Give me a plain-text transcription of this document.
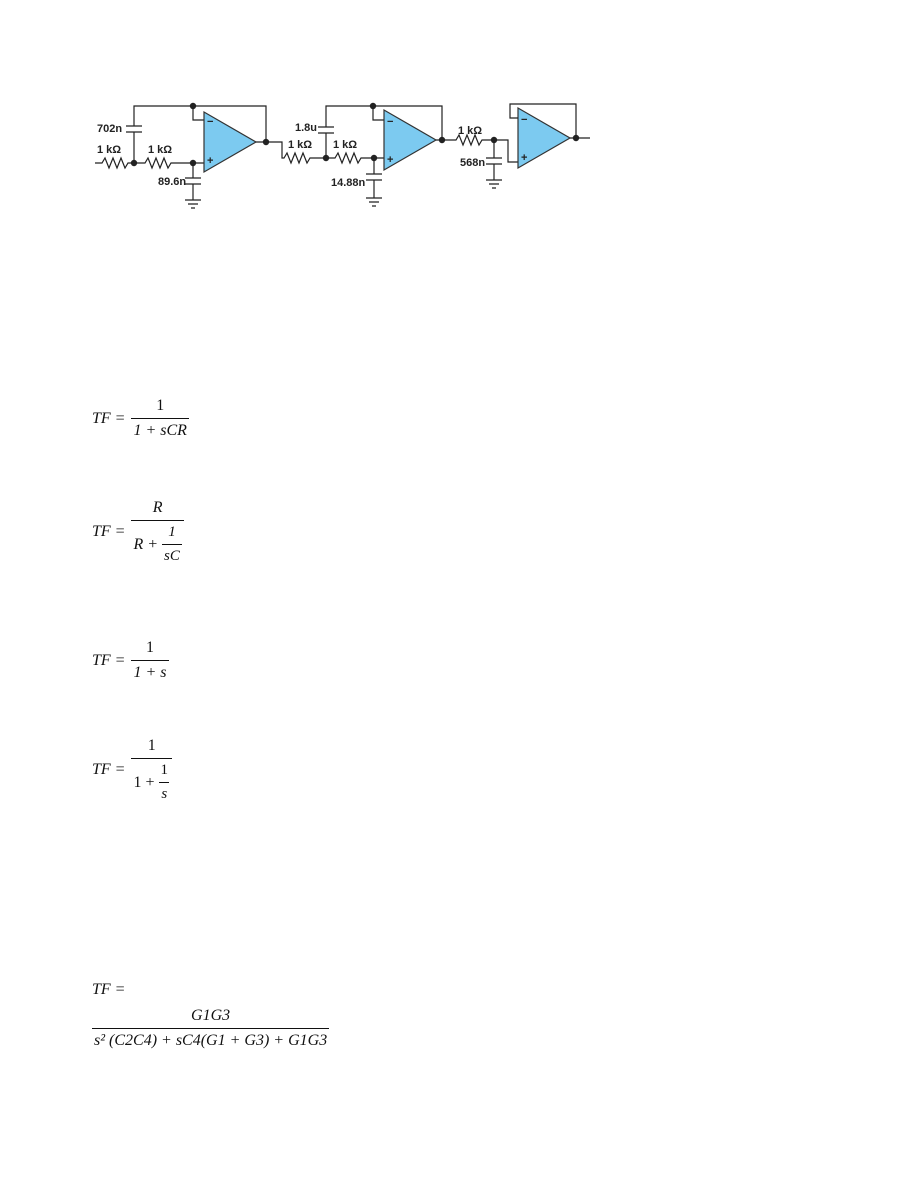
702n
1 kΩ 1 kΩ
89.6n
−
+
1 kΩ
1.8u
1 kΩ
14.88n
−
+
1 kΩ
568n
−
+
TF = $\frac{1}{\text{1 + sCR}}$
TF = $\frac{R}{R + \frac{1}{sC}}$
TF = $\frac{1}{1 + s}$
TF = $\frac{1}{1 + \frac{1}{s}}$
TF =
$\frac{G1G3}{\text{s² (C2C4) + sC4(G1 + G3) + G1G3}}$
